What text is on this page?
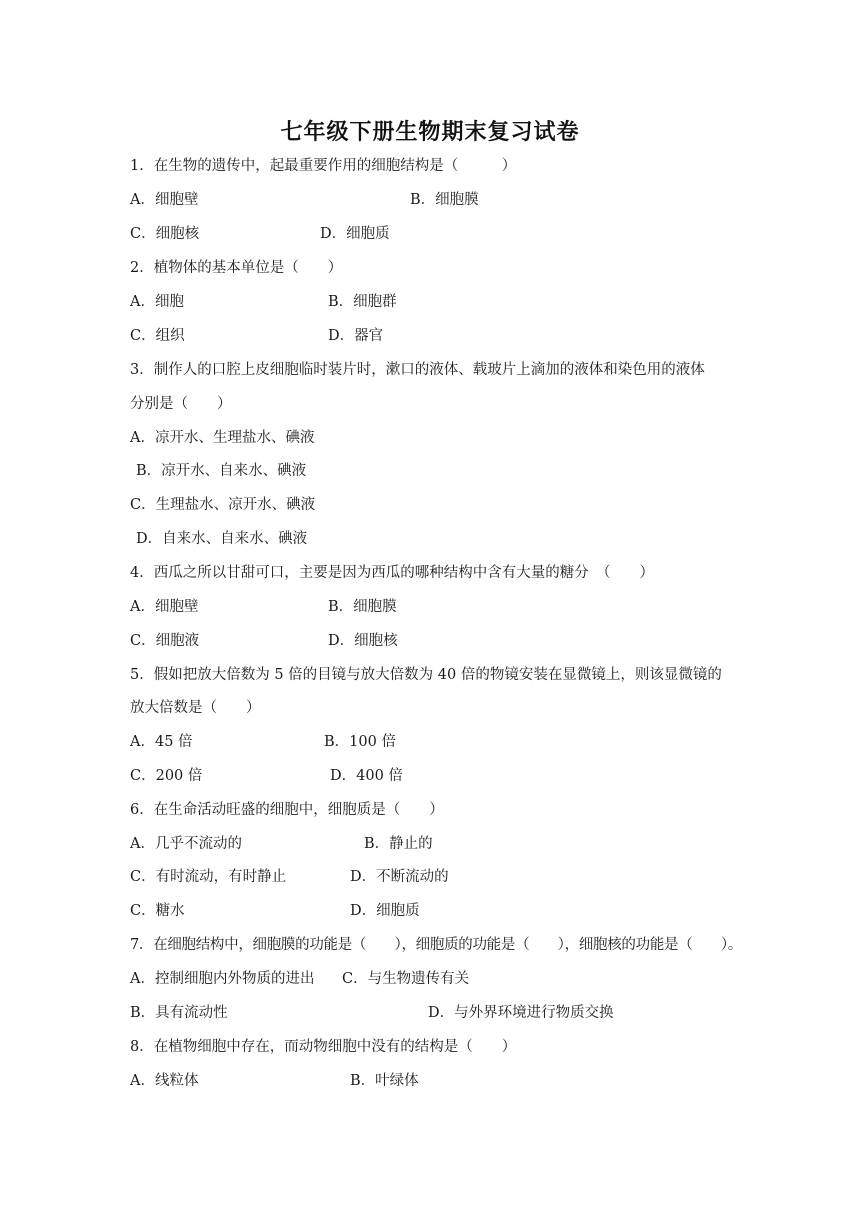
七年级下册生物期末复习试卷
1．在生物的遗传中，起最重要作用的细胞结构是（　　　）
A．细胞壁	B．细胞膜
C．细胞核	D．细胞质
2．植物体的基本单位是（　　）
A．细胞	B．细胞群
C．组织	D．器官
3．制作人的口腔上皮细胞临时装片时，漱口的液体、载玻片上滴加的液体和染色用的液体
分别是（　　）
A．凉开水、生理盐水、碘液
B．凉开水、自来水、碘液
C．生理盐水、凉开水、碘液
D．自来水、自来水、碘液
4．西瓜之所以甘甜可口，主要是因为西瓜的哪种结构中含有大量的糖分　（　　）
A．细胞壁	B．细胞膜
C．细胞液	D．细胞核
5．假如把放大倍数为 5 倍的目镜与放大倍数为 40 倍的物镜安装在显微镜上，则该显微镜的
放大倍数是（　　）
A．45 倍	B．100 倍
C．200 倍	D．400 倍
6．在生命活动旺盛的细胞中，细胞质是（　　）
A．几乎不流动的	B．静止的
C．有时流动，有时静止	D．不断流动的
C．糖水	D．细胞质
7．在细胞结构中，细胞膜的功能是（　　），细胞质的功能是（　　），细胞核的功能是（　　）。
A．控制细胞内外物质的进出 C．与生物遗传有关
B．具有流动性	D．与外界环境进行物质交换
8．在植物细胞中存在，而动物细胞中没有的结构是（　　）
A．线粒体	B．叶绿体
